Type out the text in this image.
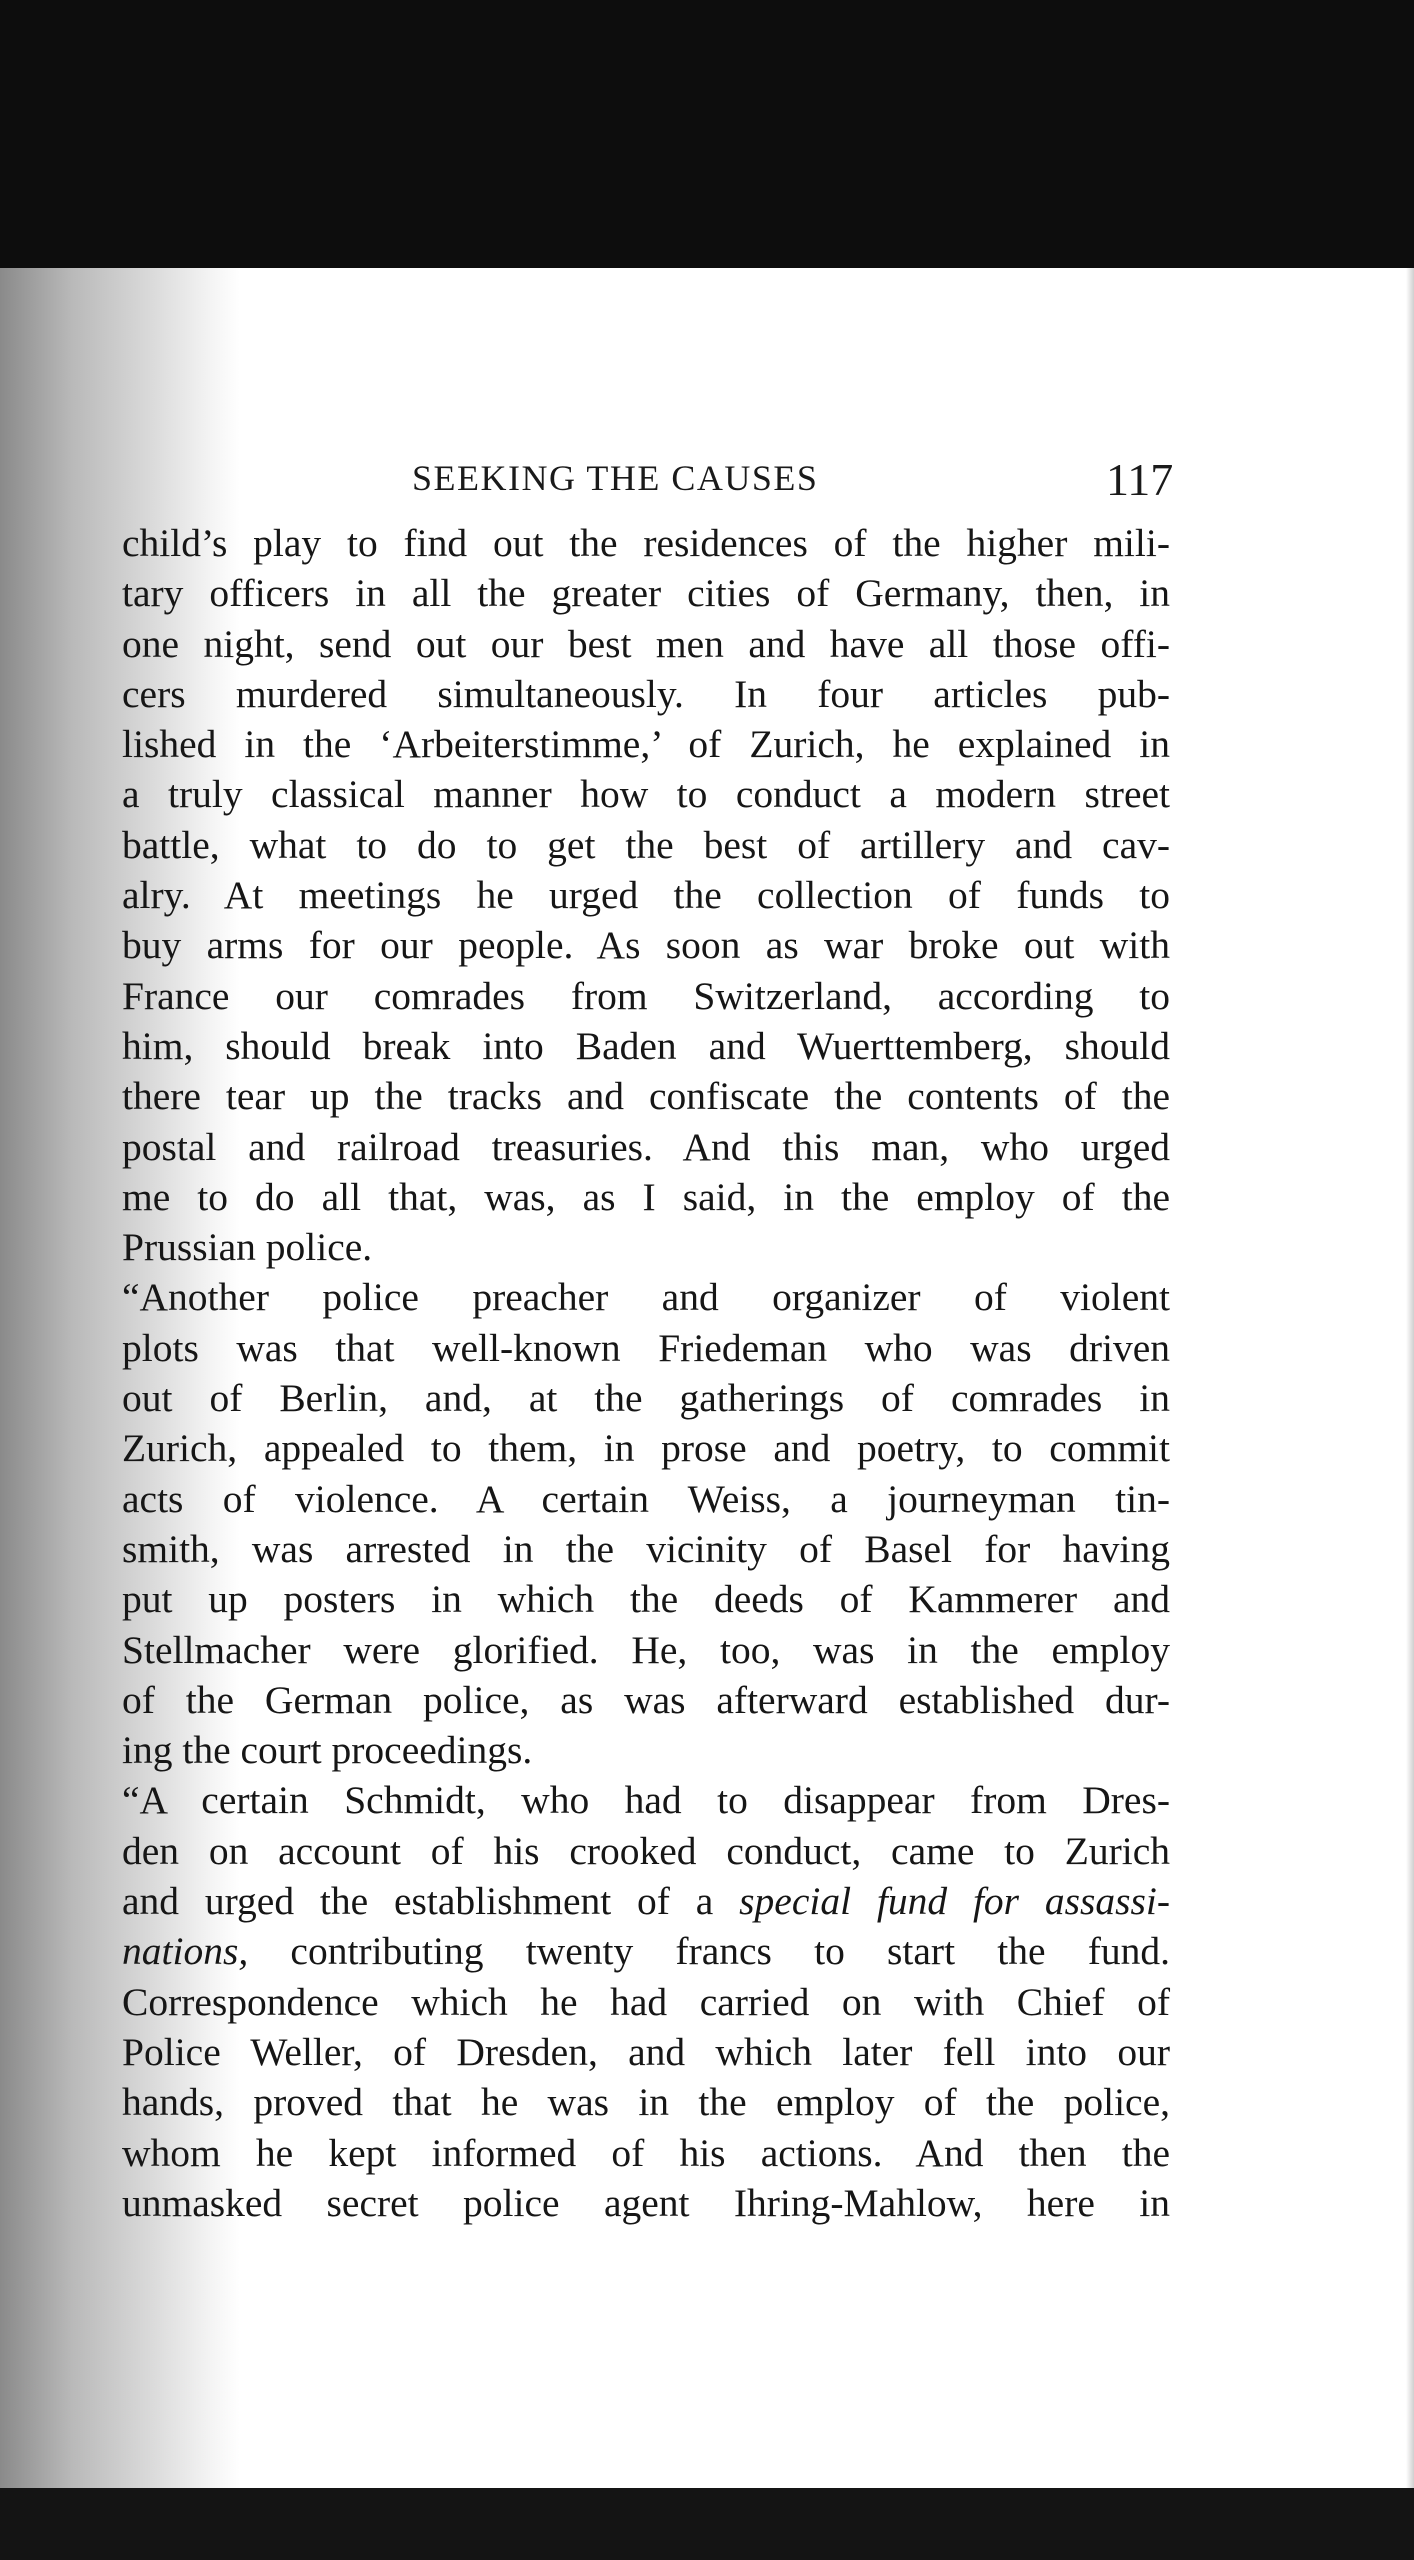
SEEKING THE CAUSES	117
child’s play to find out the residences of the higher mili-
tary officers in all the greater cities of Germany, then, in
one night, send out our best men and have all those offi-
cers murdered simultaneously. In four articles pub-
lished in the ‘Arbeiterstimme,’ of Zurich, he explained in
a truly classical manner how to conduct a modern street
battle, what to do to get the best of artillery and cav-
alry. At meetings he urged the collection of funds to
buy arms for our people. As soon as war broke out with
France our comrades from Switzerland, according to
him, should break into Baden and Wuerttemberg, should
there tear up the tracks and confiscate the contents of the
postal and railroad treasuries. And this man, who urged
me to do all that, was, as I said, in the employ of the
Prussian police.
“Another police preacher and organizer of violent
plots was that well-known Friedeman who was driven
out of Berlin, and, at the gatherings of comrades in
Zurich, appealed to them, in prose and poetry, to commit
acts of violence. A certain Weiss, a journeyman tin-
smith, was arrested in the vicinity of Basel for having
put up posters in which the deeds of Kammerer and
Stellmacher were glorified. He, too, was in the employ
of the German police, as was afterward established dur-
ing the court proceedings.
“A certain Schmidt, who had to disappear from Dres-
den on account of his crooked conduct, came to Zurich
and urged the establishment of a special fund for assassi-
nations, contributing twenty francs to start the fund.
Correspondence which he had carried on with Chief of
Police Weller, of Dresden, and which later fell into our
hands, proved that he was in the employ of the police,
whom he kept informed of his actions. And then the
unmasked secret police agent Ihring-Mahlow, here in
